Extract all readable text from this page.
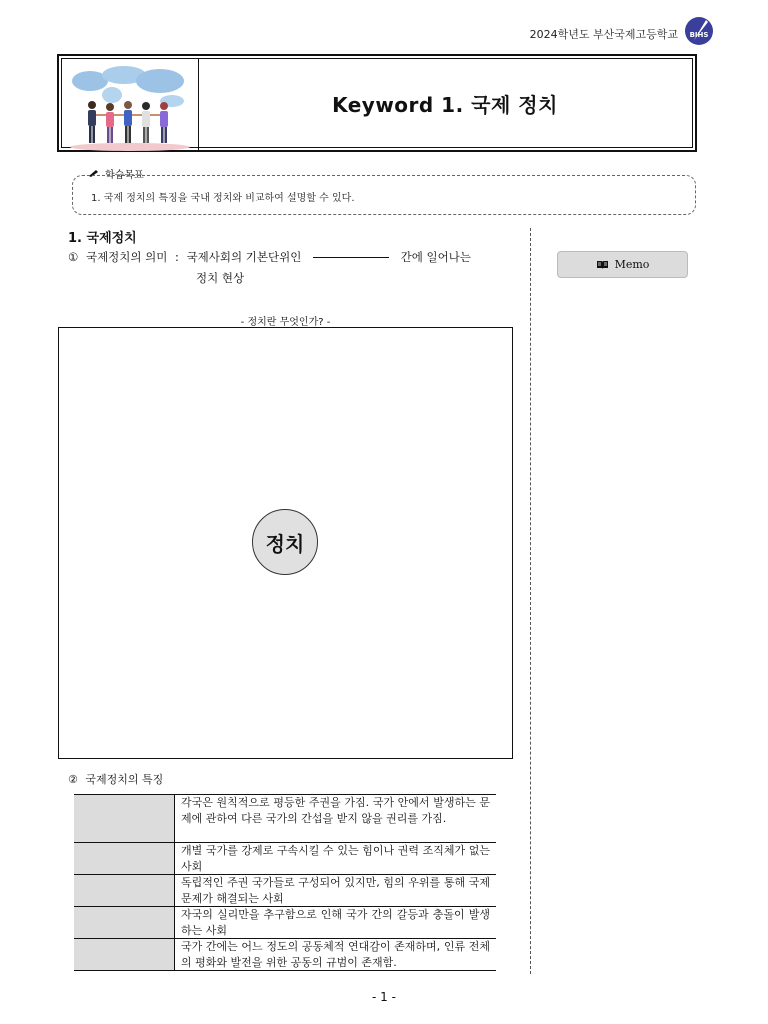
2024학년도 부산국제고등학교 BIHS
Keyword 1. 국제 정치
학습목표
1. 국제 정치의 특징을 국내 정치와 비교하여 설명할 수 있다.
Memo
1. 국제정치
① 국제정치의 의미 : 국제사회의 기본단위인	간에 일어나는
정치 현상
- 정치란 무엇인가? -
정치
② 국제정치의 특징
각국은 원칙적으로 평등한 주권을 가짐. 국가 안에서 발생하는 문제에 관하여 다른 국가의 간섭을 받지 않을 권리를 가짐.
개별 국가를 강제로 구속시킬 수 있는 힘이나 권력 조직체가 없는 사회
독립적인 주권 국가들로 구성되어 있지만, 힘의 우위를 통해 국제 문제가 해결되는 사회
자국의 실리만을 추구함으로 인해 국가 간의 갈등과 충돌이 발생하는 사회
국가 간에는 어느 정도의 공동체적 연대감이 존재하며, 인류 전체의 평화와 발전을 위한 공동의 규범이 존재함.
- 1 -
